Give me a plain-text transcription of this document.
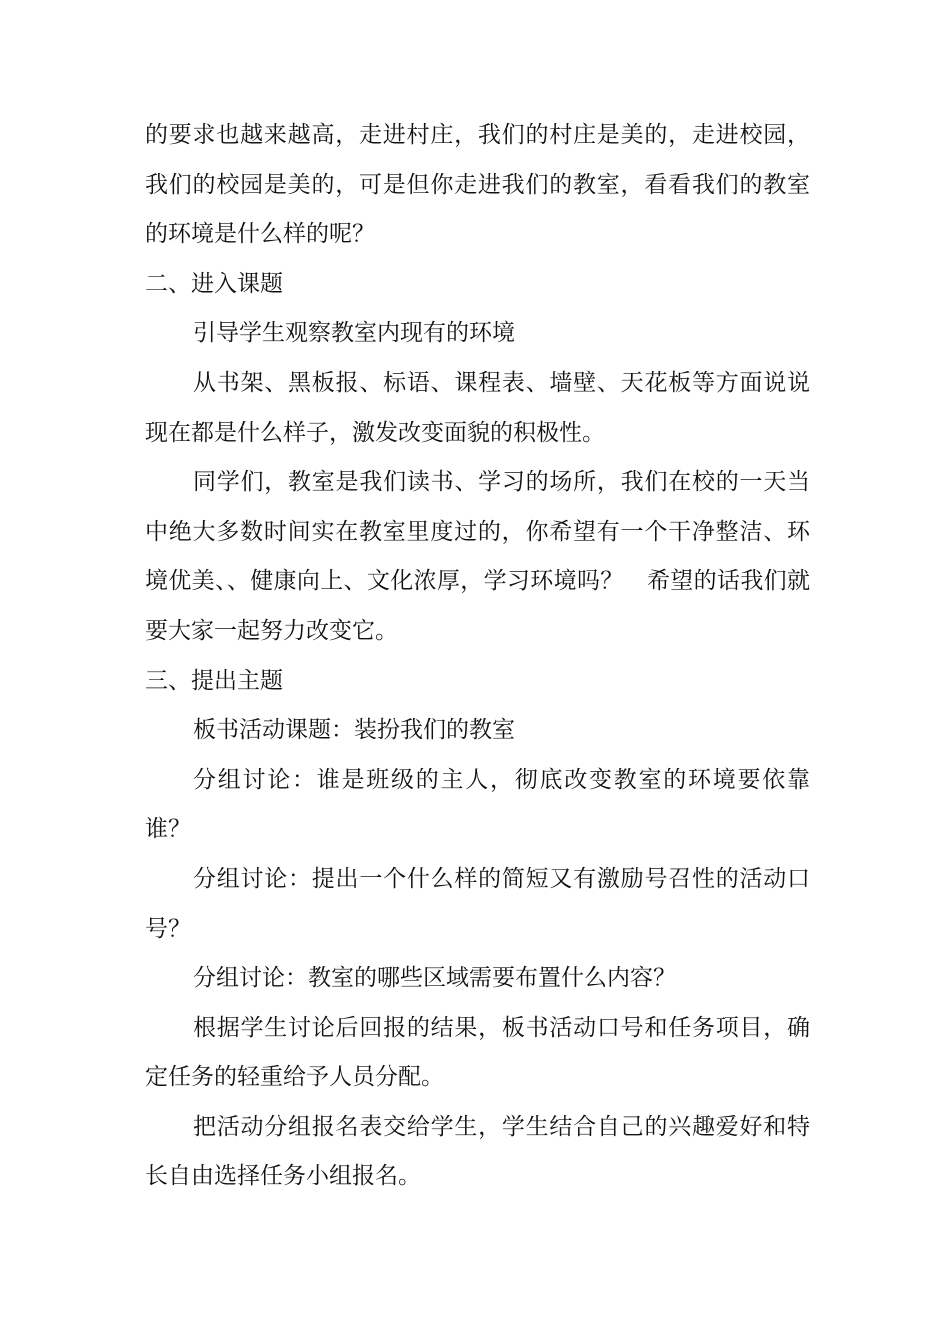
的要求也越来越高，走进村庄，我们的村庄是美的，走进校园，我们的校园是美的，可是但你走进我们的教室，看看我们的教室的环境是什么样的呢？

二、进入课题

引导学生观察教室内现有的环境

从书架、黑板报、标语、课程表、墙壁、天花板等方面说说现在都是什么样子，激发改变面貌的积极性。

同学们，教室是我们读书、学习的场所，我们在校的一天当中绝大多数时间实在教室里度过的，你希望有一个干净整洁、环境优美、、健康向上、文化浓厚，学习环境吗？　希望的话我们就要大家一起努力改变它。

三、提出主题

板书活动课题：装扮我们的教室

分组讨论：谁是班级的主人，彻底改变教室的环境要依靠谁？

分组讨论：提出一个什么样的简短又有激励号召性的活动口号？

分组讨论：教室的哪些区域需要布置什么内容？

根据学生讨论后回报的结果，板书活动口号和任务项目，确定任务的轻重给予人员分配。

把活动分组报名表交给学生，学生结合自己的兴趣爱好和特长自由选择任务小组报名。
